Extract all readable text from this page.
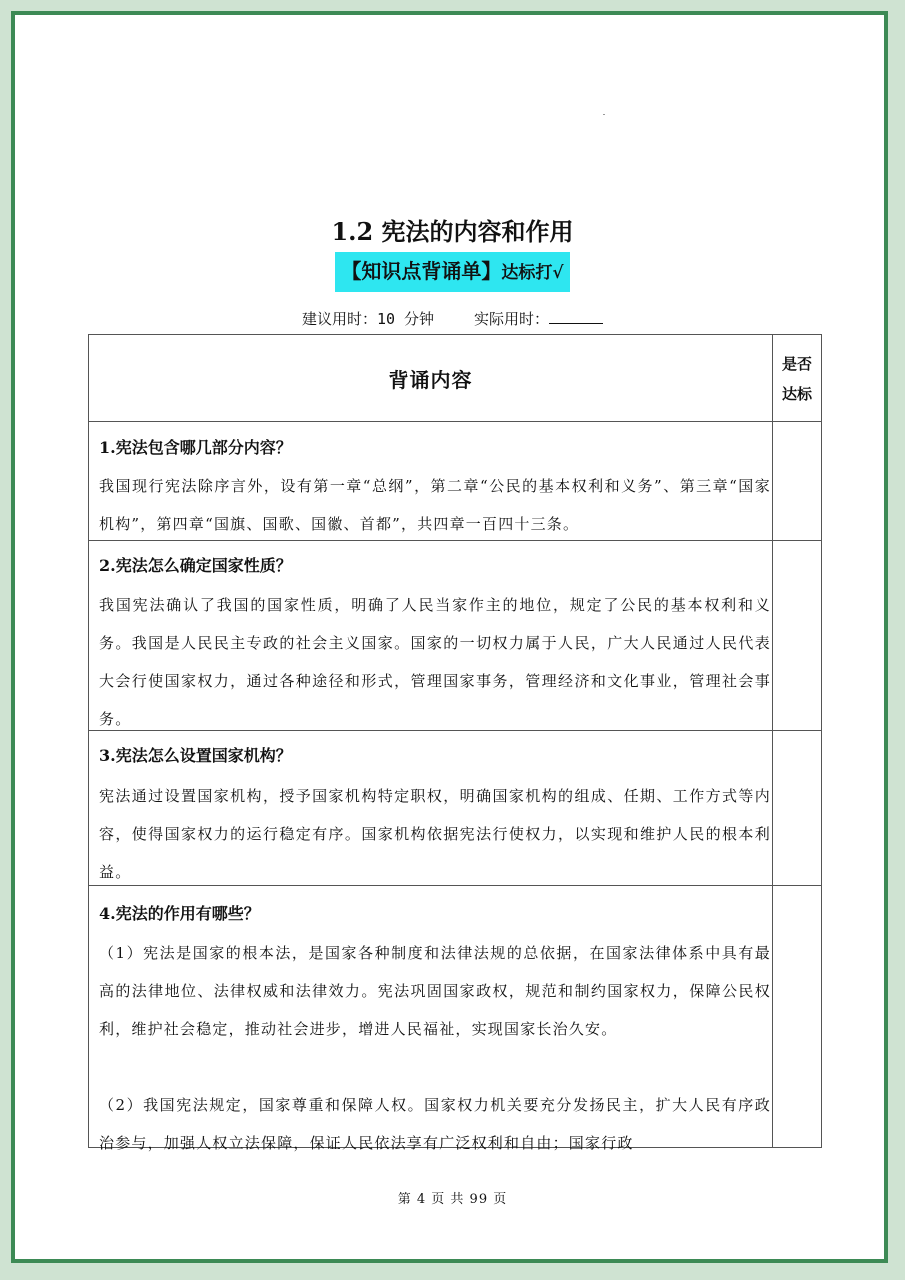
1.2 宪法的内容和作用
【知识点背诵单】达标打√
建议用时：10 分钟	实际用时：
背诵内容
是否
达标
1.宪法包含哪几部分内容？
我国现行宪法除序言外，设有第一章“总纲”，第二章“公民的基本权利和义务”、第三章“国家机构”，第四章“国旗、国歌、国徽、首都”，共四章一百四十三条。
2.宪法怎么确定国家性质？
我国宪法确认了我国的国家性质，明确了人民当家作主的地位，规定了公民的基本权利和义务。我国是人民民主专政的社会主义国家。国家的一切权力属于人民，广大人民通过人民代表大会行使国家权力，通过各种途径和形式，管理国家事务，管理经济和文化事业，管理社会事务。
3.宪法怎么设置国家机构？
宪法通过设置国家机构，授予国家机构特定职权，明确国家机构的组成、任期、工作方式等内容，使得国家权力的运行稳定有序。国家机构依据宪法行使权力，以实现和维护人民的根本利益。
4.宪法的作用有哪些？
（1）宪法是国家的根本法，是国家各种制度和法律法规的总依据，在国家法律体系中具有最高的法律地位、法律权威和法律效力。宪法巩固国家政权，规范和制约国家权力，保障公民权利，维护社会稳定，推动社会进步，增进人民福祉，实现国家长治久安。
（2）我国宪法规定，国家尊重和保障人权。国家权力机关要充分发扬民主，扩大人民有序政治参与，加强人权立法保障，保证人民依法享有广泛权利和自由；国家行政
第 4 页 共 99 页
